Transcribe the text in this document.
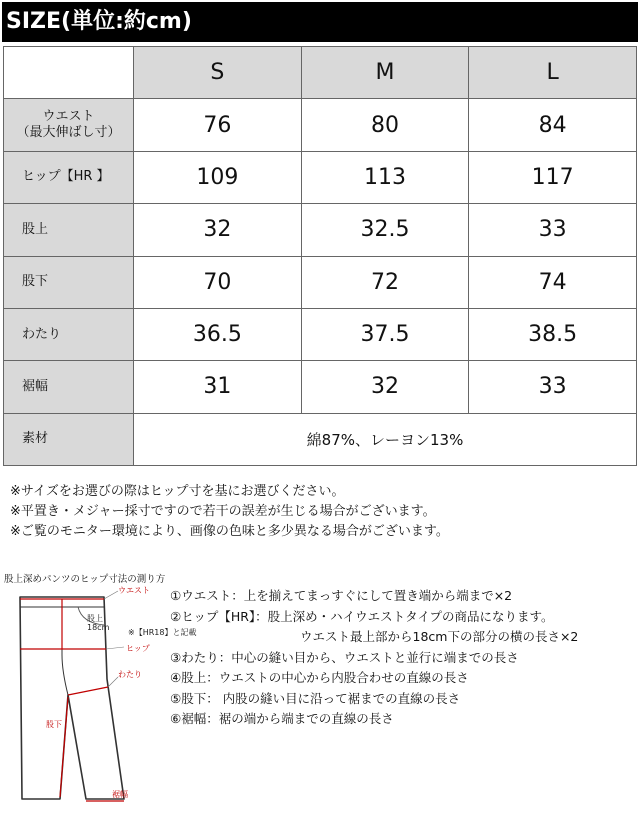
SIZE(単位:約cm)
	S	M	L

ウエスト
（最大伸ばし寸）	76	80	84
ヒップ【HR 】	109	113	117
股上	32	32.5	33
股下	70	72	74
わたり	36.5	37.5	38.5
裾幅	31	32	33
素材	綿87%、レーヨン13%		
※サイズをお選びの際はヒップ寸を基にお選びください。
※平置き・メジャー採寸ですので若干の誤差が生じる場合がございます。
※ご覧のモニター環境により、画像の色味と多少異なる場合がございます。
股上深めパンツのヒップ寸法の測り方
ウエスト
股上
18cm
※【HR18】と記載
ヒップ
わたり
股下
裾幅
①ウエスト：上を揃えてまっすぐにして置き端から端まで×2
②ヒップ【HR】：股上深め・ハイウエストタイプの商品になります。
ウエスト最上部から18cm下の部分の横の長さ×2
③わたり：中心の縫い目から、ウエストと並行に端までの長さ
④股上：ウエストの中心から内股合わせの直線の長さ
⑤股下： 内股の縫い目に沿って裾までの直線の長さ
⑥裾幅：裾の端から端までの直線の長さ
